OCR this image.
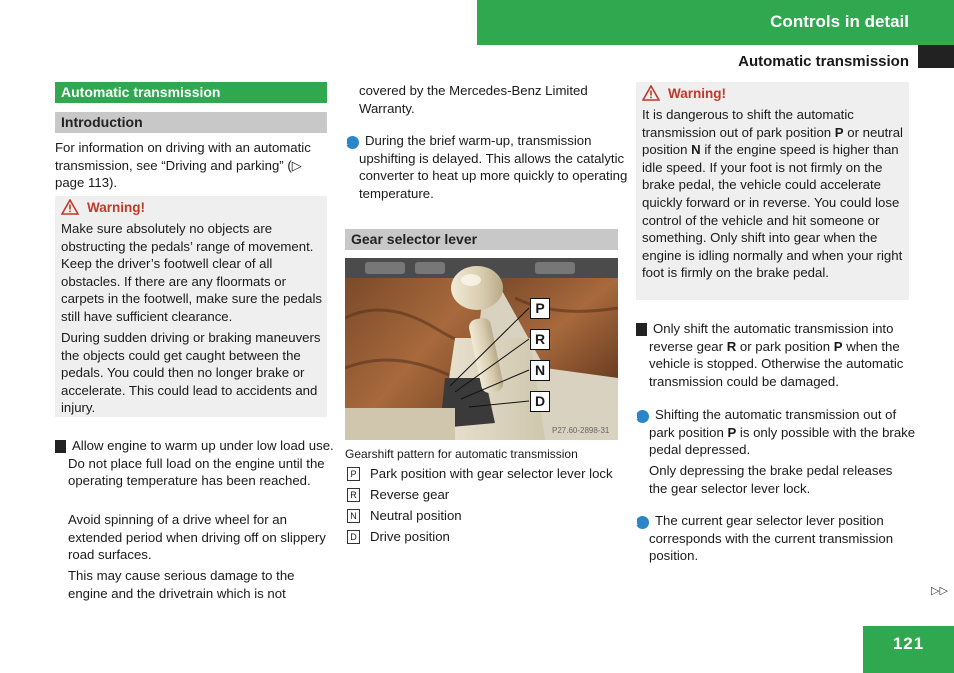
Controls in detail
Automatic transmission
Automatic transmission
Introduction
For information on driving with an automatic transmission, see “Driving and parking” (▷ page 113).
Warning!
Make sure absolutely no objects are obstructing the pedals’ range of movement. Keep the driver’s footwell clear of all obstacles. If there are any floormats or carpets in the footwell, make sure the pedals still have sufficient clearance.
During sudden driving or braking maneuvers the objects could get caught between the pedals. You could then no longer brake or accelerate. This could lead to accidents and injury.
! Allow engine to warm up under low load use. Do not place full load on the engine until the operating temperature has been reached.
Avoid spinning of a drive wheel for an extended period when driving off on slippery road surfaces.
This may cause serious damage to the engine and the drivetrain which is not
covered by the Mercedes-Benz Limited Warranty.
i During the brief warm-up, transmission upshifting is delayed. This allows the catalytic converter to heat up more quickly to operating temperature.
Gear selector lever
P
R
N
D
P27.60-2898-31
Gearshift pattern for automatic transmission
P Park position with gear selector lever lock
R Reverse gear
N Neutral position
D Drive position
Warning!
It is dangerous to shift the automatic transmission out of park position P or neutral position N if the engine speed is higher than idle speed. If your foot is not firmly on the brake pedal, the vehicle could accelerate quickly forward or in reverse. You could lose control of the vehicle and hit someone or something. Only shift into gear when the engine is idling normally and when your right foot is firmly on the brake pedal.
! Only shift the automatic transmission into reverse gear R or park position P when the vehicle is stopped. Otherwise the automatic transmission could be damaged.
i Shifting the automatic transmission out of park position P is only possible with the brake pedal depressed.
Only depressing the brake pedal releases the gear selector lever lock.
i The current gear selector lever position corresponds with the current transmission position.
▷▷
121
